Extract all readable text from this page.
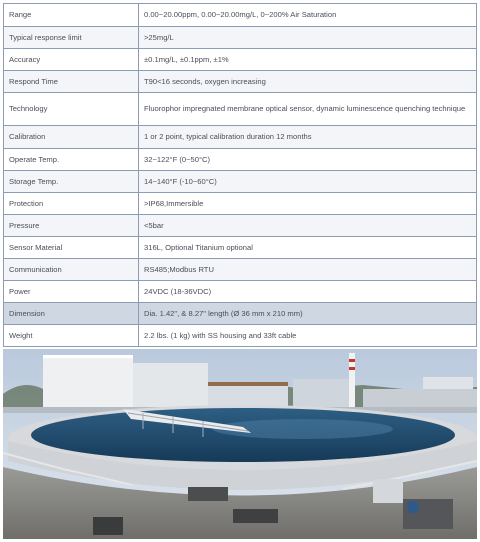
Range	0.00~20.00ppm, 0.00~20.00mg/L, 0~200% Air Saturation
Typical response limit	>25mg/L
Accuracy	±0.1mg/L, ±0.1ppm, ±1%
Respond Time	T90<16 seconds, oxygen increasing
Technology	Fluorophor impregnated membrane optical sensor, dynamic luminescence quenching technique
Calibration	1 or 2 point, typical calibration duration 12 months
Operate Temp.	32~122°F (0~50°C)
Storage Temp.	14~140°F (-10~60°C)
Protection	>IP68,Immersible
Pressure	<5bar
Sensor Material	316L, Optional Titanium optional
Communication	RS485;Modbus RTU
Power	24VDC (18-36VDC)
Dimension	Dia. 1.42", & 8.27" length (Ø 36 mm x 210 mm)
Weight	2.2 lbs. (1 kg) with SS housing and 33ft cable
